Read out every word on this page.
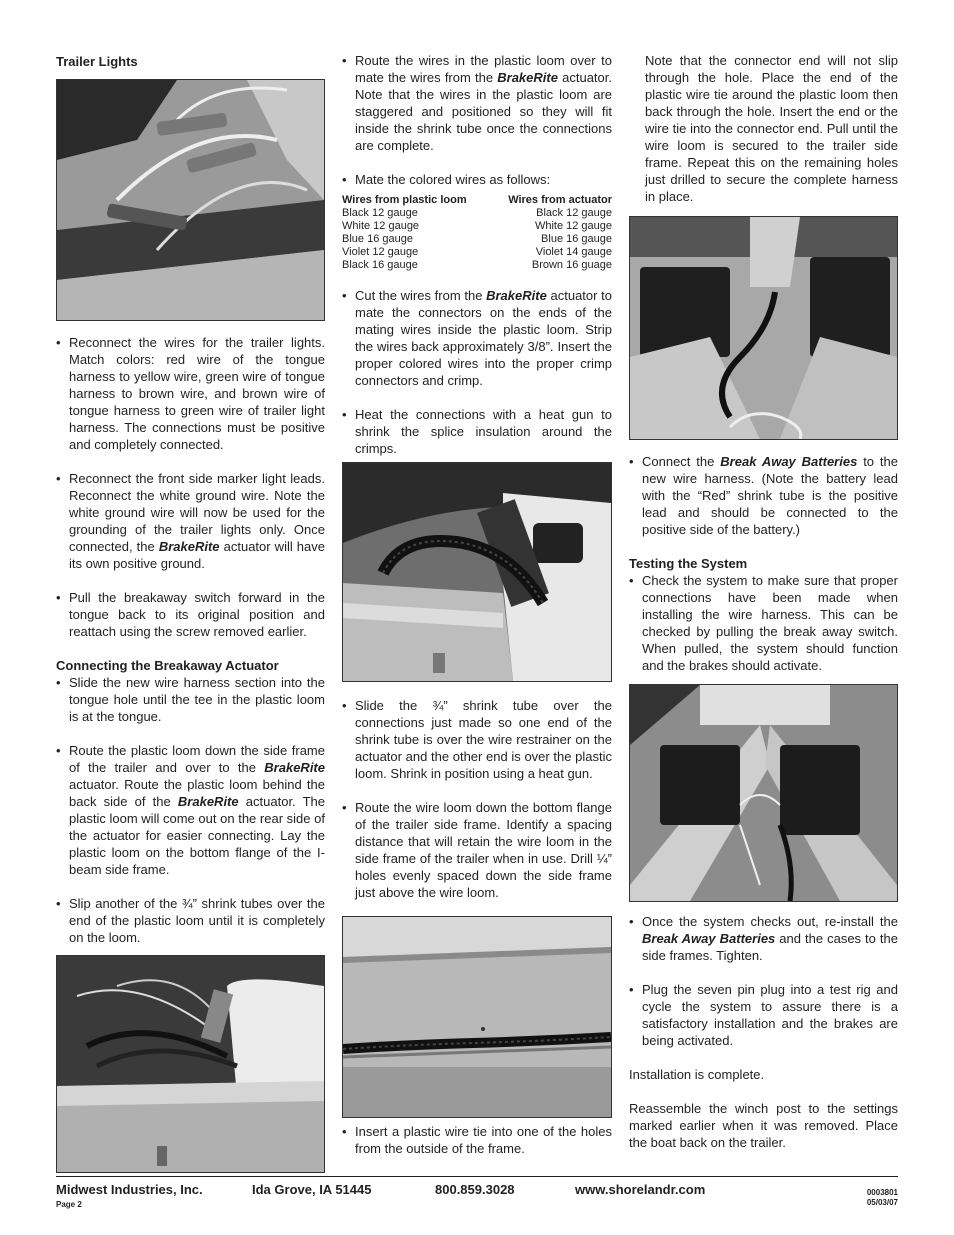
Trailer Lights

• Reconnect the wires for the trailer lights. Match colors: red wire of the tongue harness to yellow wire, green wire of tongue harness to brown wire, and brown wire of tongue harness to green wire of trailer light harness. The connections must be positive and completely connected.
• Reconnect the front side marker light leads. Reconnect the white ground wire. Note the white ground wire will now be used for the grounding of the trailer lights only. Once connected, the BrakeRite actuator will have its own positive ground.
• Pull the breakaway switch forward in the tongue back to its original position and reattach using the screw removed earlier.

Connecting the Breakaway Actuator

• Slide the new wire harness section into the tongue hole until the tee in the plastic loom is at the tongue.
• Route the plastic loom down the side frame of the trailer and over to the BrakeRite actuator. Route the plastic loom behind the back side of the BrakeRite actuator. The plastic loom will come out on the rear side of the actuator for easier connecting. Lay the plastic loom on the bottom flange of the I-beam side frame.
• Slip another of the ¾” shrink tubes over the end of the plastic loom until it is completely on the loom.
• Route the wires in the plastic loom over to mate the wires from the BrakeRite actuator. Note that the wires in the plastic loom are staggered and positioned so they will fit inside the shrink tube once the connections are complete.
• Mate the colored wires as follows:
Wires from plastic loom	Wires from actuator
Black 12 gauge	Black 12 gauge
White 12 gauge	White 12 gauge
Blue 16 gauge	Blue 16 gauge
Violet 12 gauge	Violet 14 gauge
Black 16 gauge	Brown 16 guage
• Cut the wires from the BrakeRite actuator to mate the connectors on the ends of the mating wires inside the plastic loom. Strip the wires back approximately 3/8”. Insert the proper colored wires into the proper crimp connectors and crimp.
• Heat the connections with a heat gun to shrink the splice insulation around the crimps.
• Slide the ¾” shrink tube over the connections just made so one end of the shrink tube is over the wire restrainer on the actuator and the other end is over the plastic loom. Shrink in position using a heat gun.
• Route the wire loom down the bottom flange of the trailer side frame. Identify a spacing distance that will retain the wire loom in the side frame of the trailer when in use. Drill ¼” holes evenly spaced down the side frame just above the wire loom.
• Insert a plastic wire tie into one of the holes from the outside of the frame.

Note that the connector end will not slip through the hole. Place the end of the plastic wire tie around the plastic loom then back through the hole. Insert the end or the wire tie into the connector end. Pull until the wire loom is secured to the trailer side frame. Repeat this on the remaining holes just drilled to secure the complete harness in place.

• Connect the Break Away Batteries to the new wire harness. (Note the battery lead with the “Red” shrink tube is the positive lead and should be connected to the positive side of the battery.)

Testing the System

• Check the system to make sure that proper connections have been made when installing the wire harness. This can be checked by pulling the break away switch. When pulled, the system should function and the brakes should activate.
• Once the system checks out, re-install the Break Away Batteries and the cases to the side frames. Tighten.
• Plug the seven pin plug into a test rig and cycle the system to assure there is a satisfactory installation and the brakes are being activated.

Installation is complete.

Reassemble the winch post to the settings marked earlier when it was removed. Place the boat back on the trailer.

Midwest Industries, Inc.	Ida Grove, IA 51445	800.859.3028	www.shorelandr.com
Page 2
0003801
05/03/07
